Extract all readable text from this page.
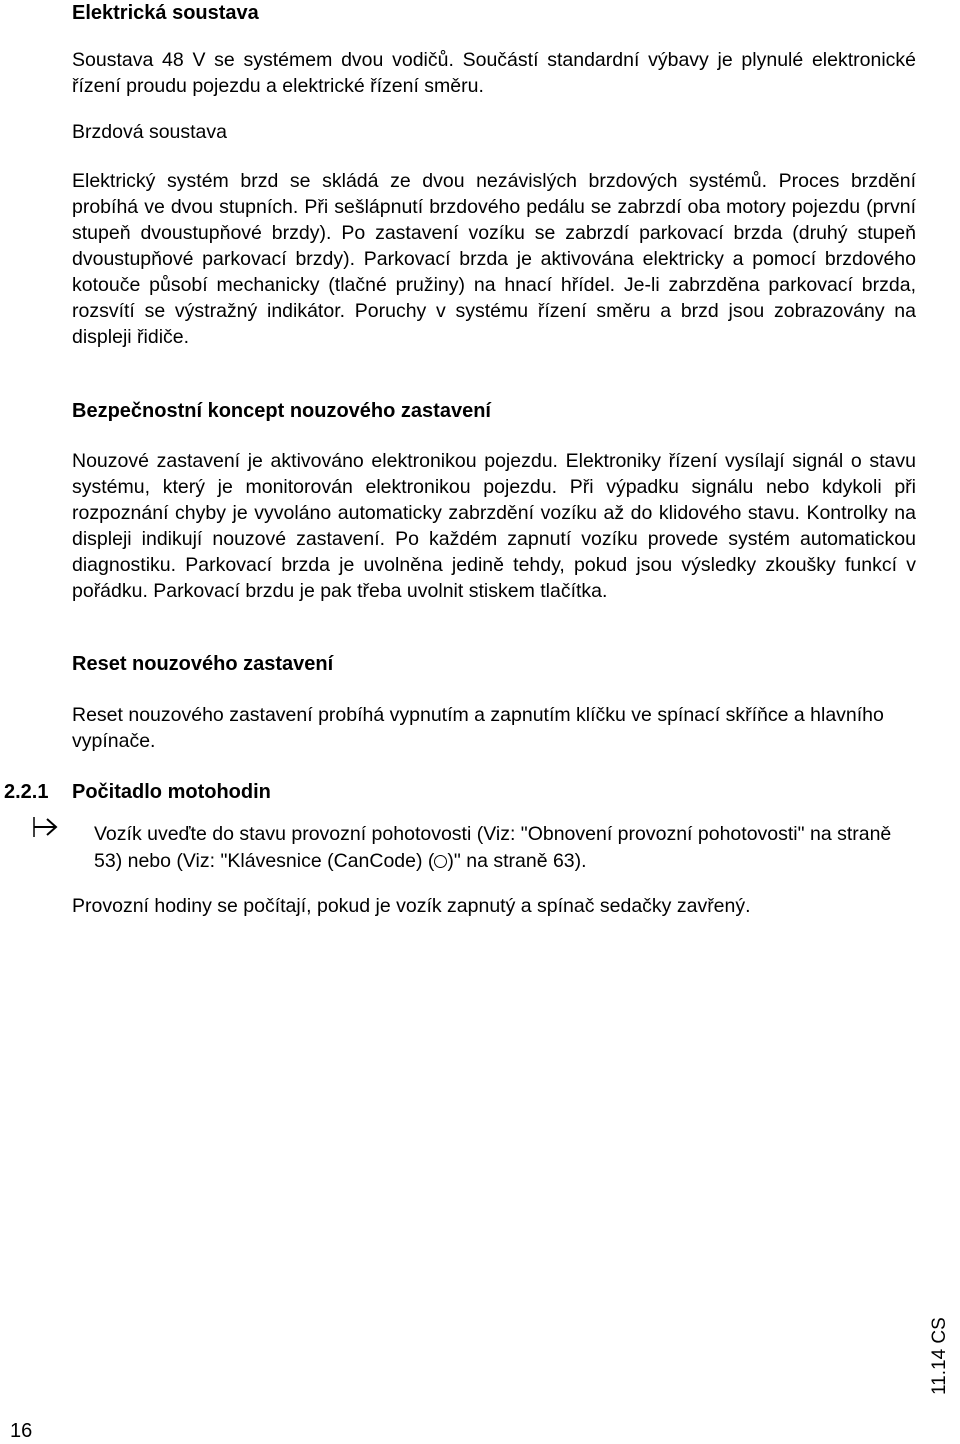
Elektrická soustava

Soustava 48 V se systémem dvou vodičů. Součástí standardní výbavy je plynulé elektronické řízení proudu pojezdu a elektrické řízení směru.

Brzdová soustava

Elektrický systém brzd se skládá ze dvou nezávislých brzdových systémů. Proces brzdění probíhá ve dvou stupních. Při sešlápnutí brzdového pedálu se zabrzdí oba motory pojezdu (první stupeň dvoustupňové brzdy). Po zastavení vozíku se zabrzdí parkovací brzda (druhý stupeň dvoustupňové parkovací brzdy). Parkovací brzda je aktivována elektricky a pomocí brzdového kotouče působí mechanicky (tlačné pružiny) na hnací hřídel. Je-li zabrzděna parkovací brzda, rozsvítí se výstražný indikátor. Poruchy v systému řízení směru a brzd jsou zobrazovány na displeji řidiče.

Bezpečnostní koncept nouzového zastavení

Nouzové zastavení je aktivováno elektronikou pojezdu. Elektroniky řízení vysílají signál o stavu systému, který je monitorován elektronikou pojezdu. Při výpadku signálu nebo kdykoli při rozpoznání chyby je vyvoláno automaticky zabrzdění vozíku až do klidového stavu. Kontrolky na displeji indikují nouzové zastavení. Po každém zapnutí vozíku provede systém automatickou diagnostiku. Parkovací brzda je uvolněna jedině tehdy, pokud jsou výsledky zkoušky funkcí v pořádku. Parkovací brzdu je pak třeba uvolnit stiskem tlačítka.

Reset nouzového zastavení

Reset nouzového zastavení probíhá vypnutím a zapnutím klíčku ve spínací skříňce a hlavního vypínače.

2.2.1 Počitadlo motohodin

Vozík uveďte do stavu provozní pohotovosti (Viz: "Obnovení provozní pohotovosti" na straně 53) nebo (Viz: "Klávesnice (CanCode) ( )" na straně 63).

Provozní hodiny se počítají, pokud je vozík zapnutý a spínač sedačky zavřený.

16

11.14 CS
